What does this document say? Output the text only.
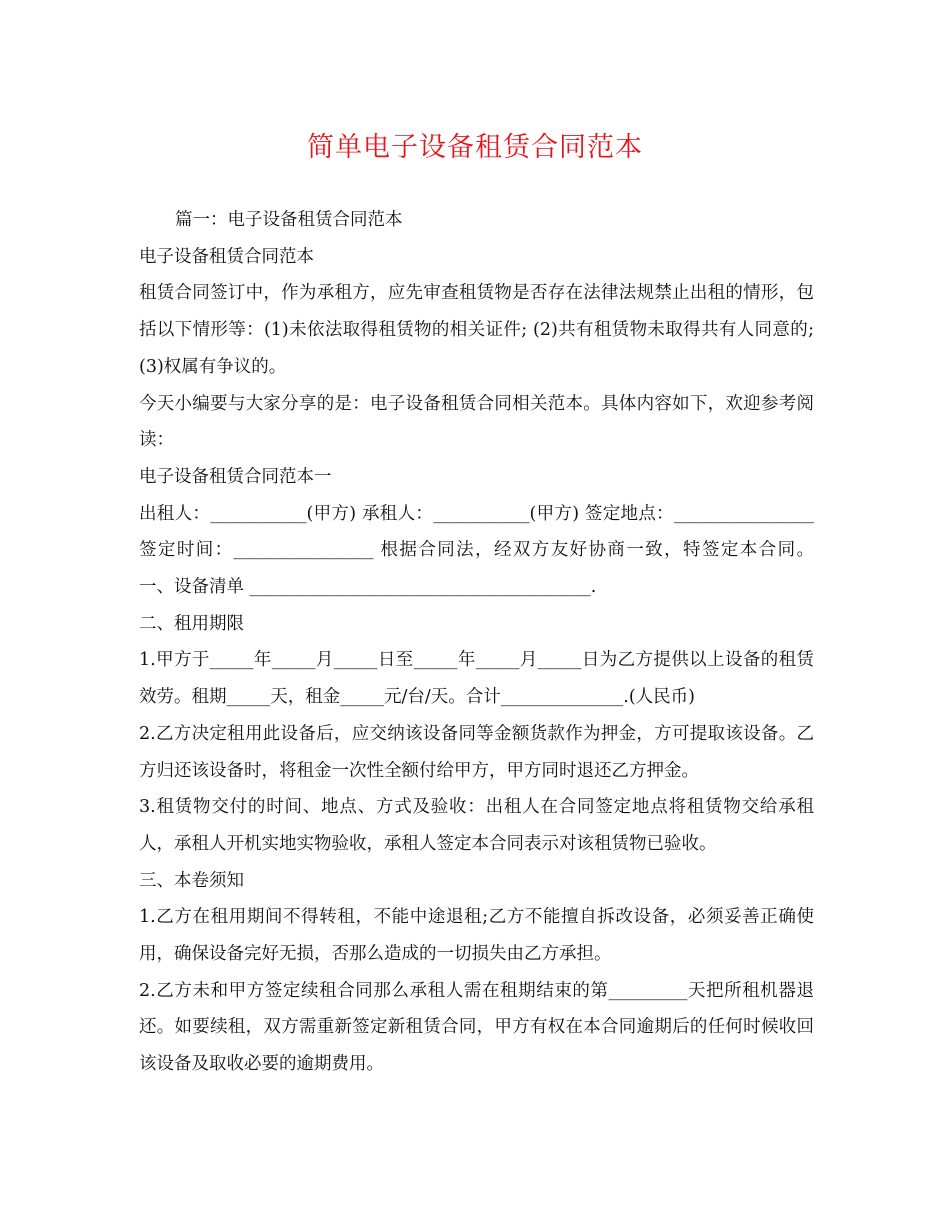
简单电子设备租赁合同范本

篇一：电子设备租赁合同范本

电子设备租赁合同范本

租赁合同签订中，作为承租方，应先审查租赁物是否存在法律法规禁止出租的情形，包括以下情形等：(1)未依法取得租赁物的相关证件; (2)共有租赁物未取得共有人同意的;(3)权属有争议的。

今天小编要与大家分享的是：电子设备租赁合同相关范本。具体内容如下，欢迎参考阅读：

电子设备租赁合同范本一

出租人：___________(甲方) 承租人：___________(甲方) 签定地点：________________ 签定时间：________________ 根据合同法，经双方友好协商一致，特签定本合同。 一、设备清单 _______________________________________.

二、租用期限

1.甲方于_____年_____月_____日至_____年_____月_____日为乙方提供以上设备的租赁效劳。租期_____天，租金_____元/台/天。合计______________.(人民币)

2.乙方决定租用此设备后，应交纳该设备同等金额货款作为押金，方可提取该设备。乙方归还该设备时，将租金一次性全额付给甲方，甲方同时退还乙方押金。

3.租赁物交付的时间、地点、方式及验收：出租人在合同签定地点将租赁物交给承租人，承租人开机实地实物验收，承租人签定本合同表示对该租赁物已验收。

三、本卷须知

1.乙方在租用期间不得转租，不能中途退租;乙方不能擅自拆改设备，必须妥善正确使用，确保设备完好无损，否那么造成的一切损失由乙方承担。

2.乙方未和甲方签定续租合同那么承租人需在租期结束的第_________天把所租机器退还。如要续租，双方需重新签定新租赁合同，甲方有权在本合同逾期后的任何时候收回该设备及取收必要的逾期费用。
